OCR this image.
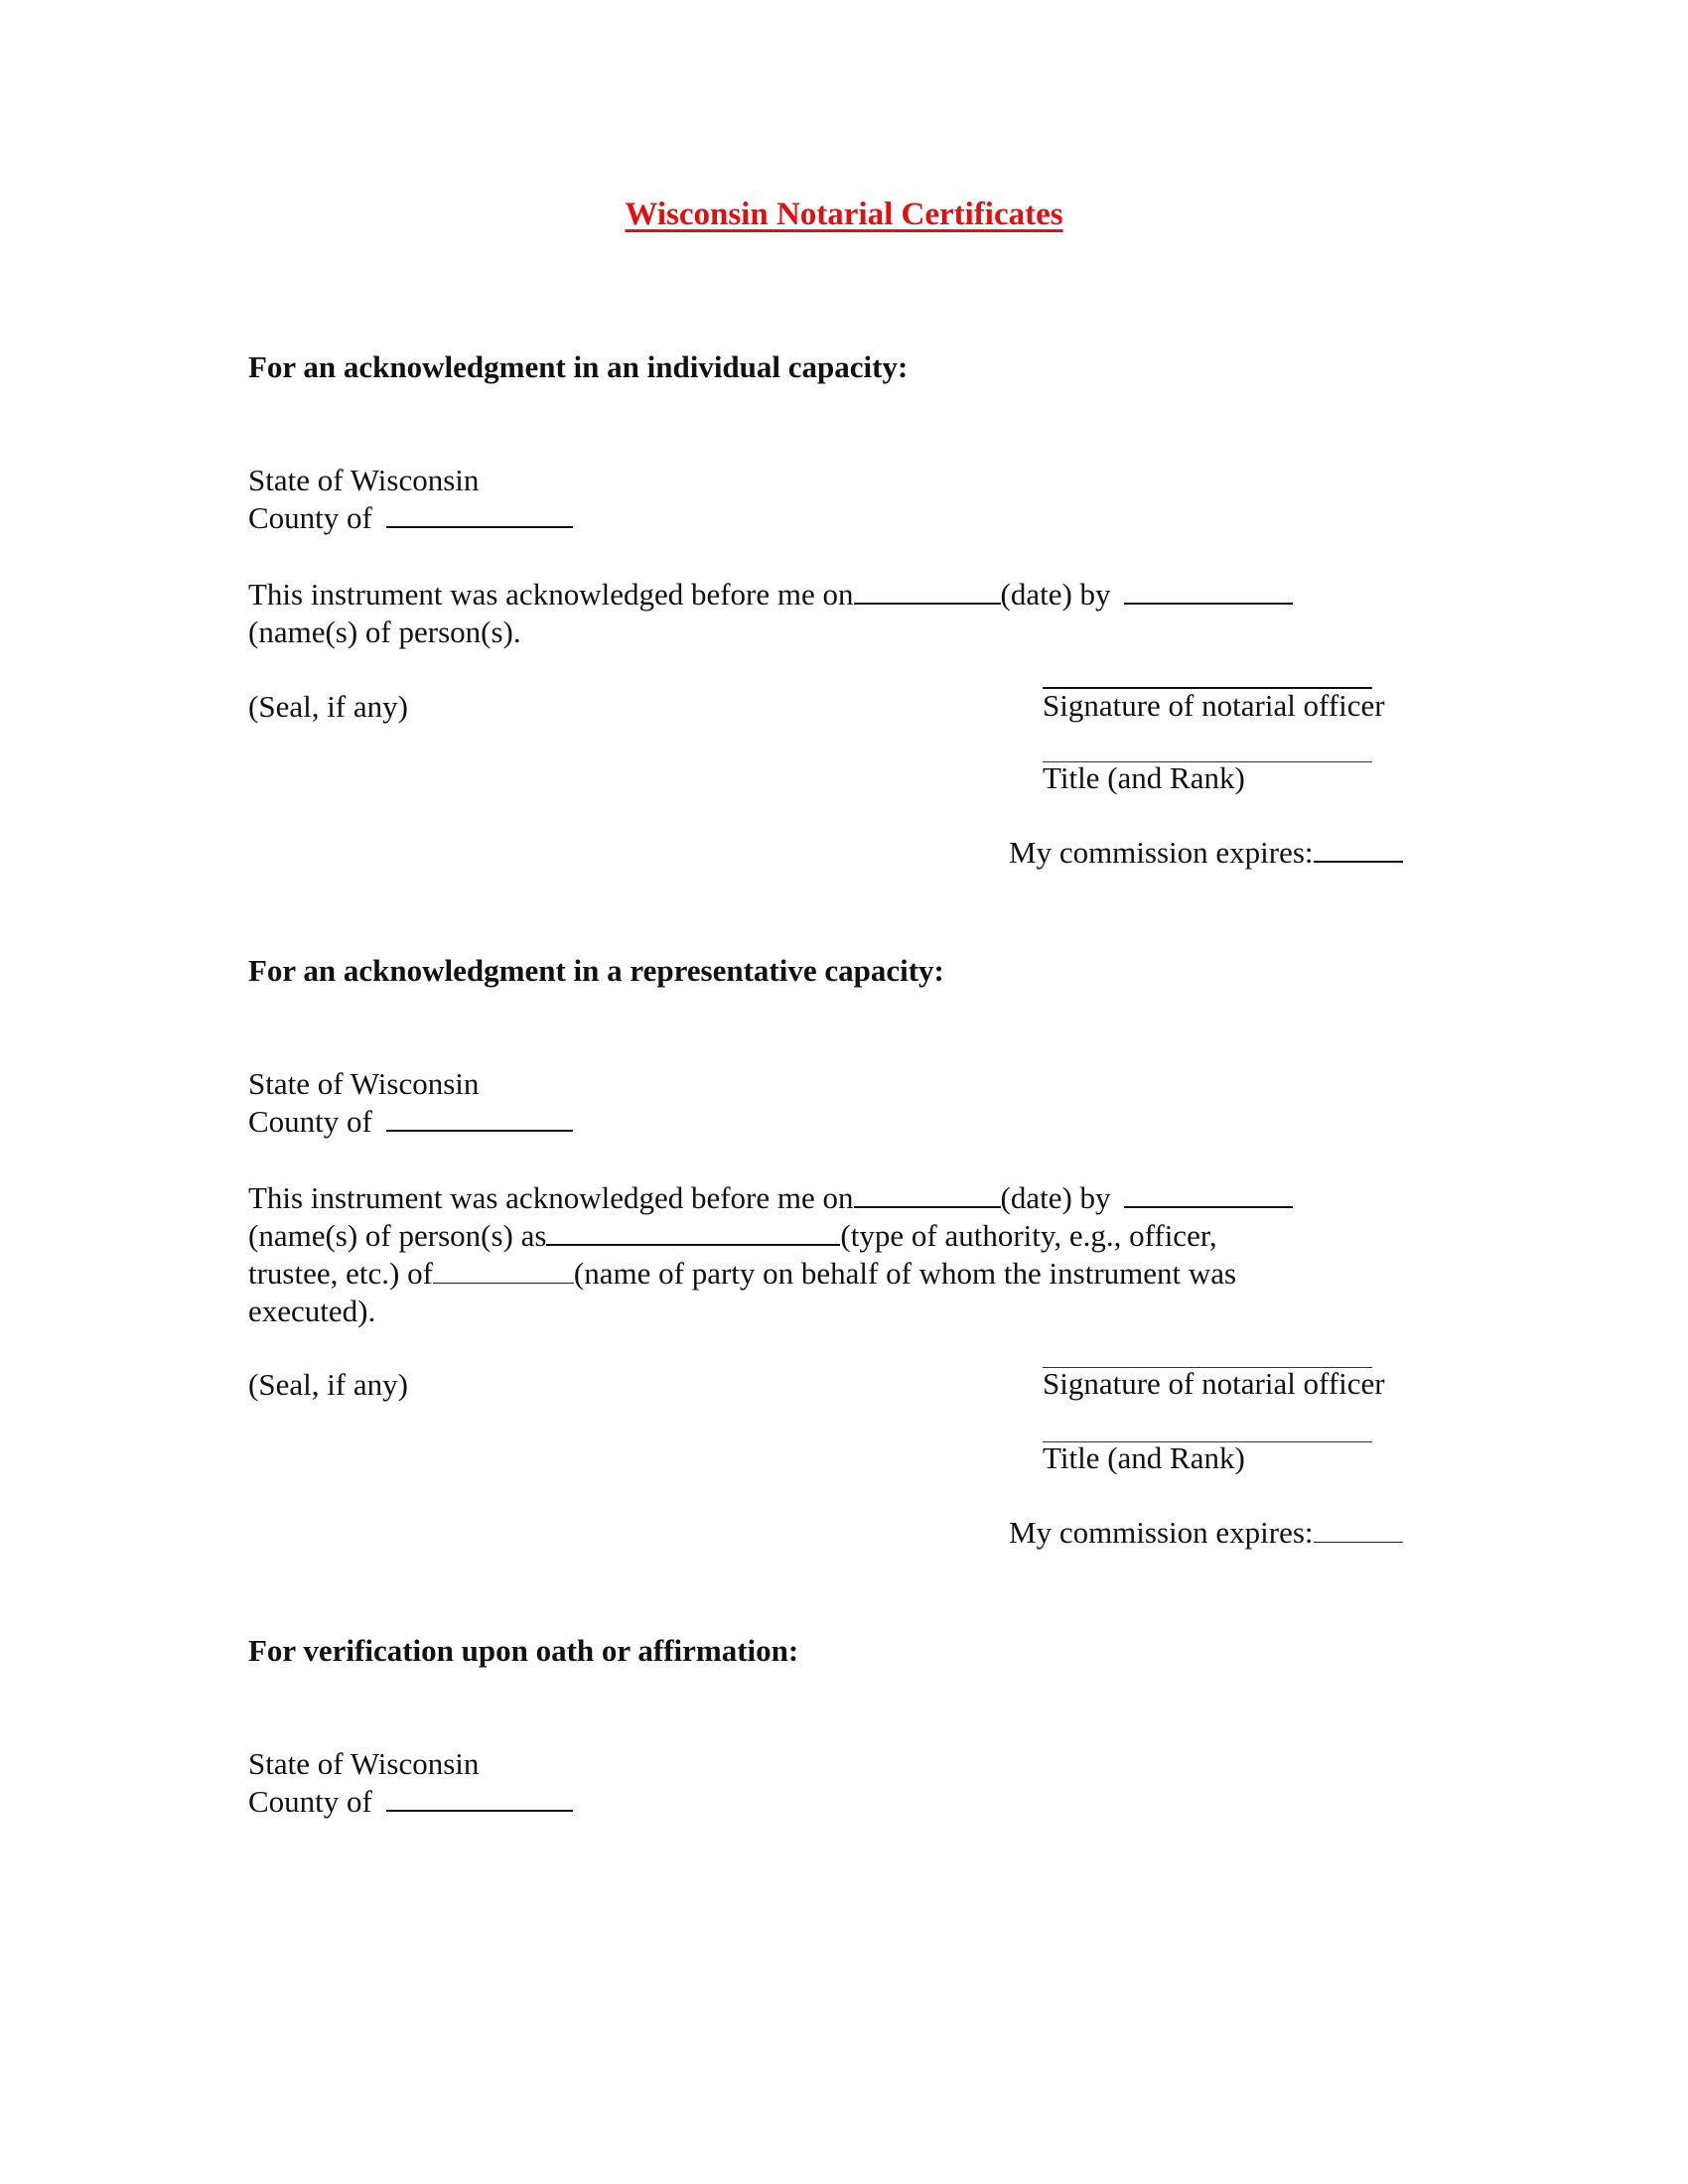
Wisconsin Notarial Certificates
For an acknowledgment in an individual capacity:
State of Wisconsin
County of
This instrument was acknowledged before me on	(date) by
(name(s) of person(s).
(Seal, if any)	Signature of notarial officer
Title (and Rank)
My commission expires:
For an acknowledgment in a representative capacity:
State of Wisconsin
County of
This instrument was acknowledged before me on	(date) by
(name(s) of person(s) as	(type of authority, e.g., officer,
trustee, etc.) of	(name of party on behalf of whom the instrument was
executed).
(Seal, if any)	Signature of notarial officer
Title (and Rank)
My commission expires:
For verification upon oath or affirmation:
State of Wisconsin
County of
